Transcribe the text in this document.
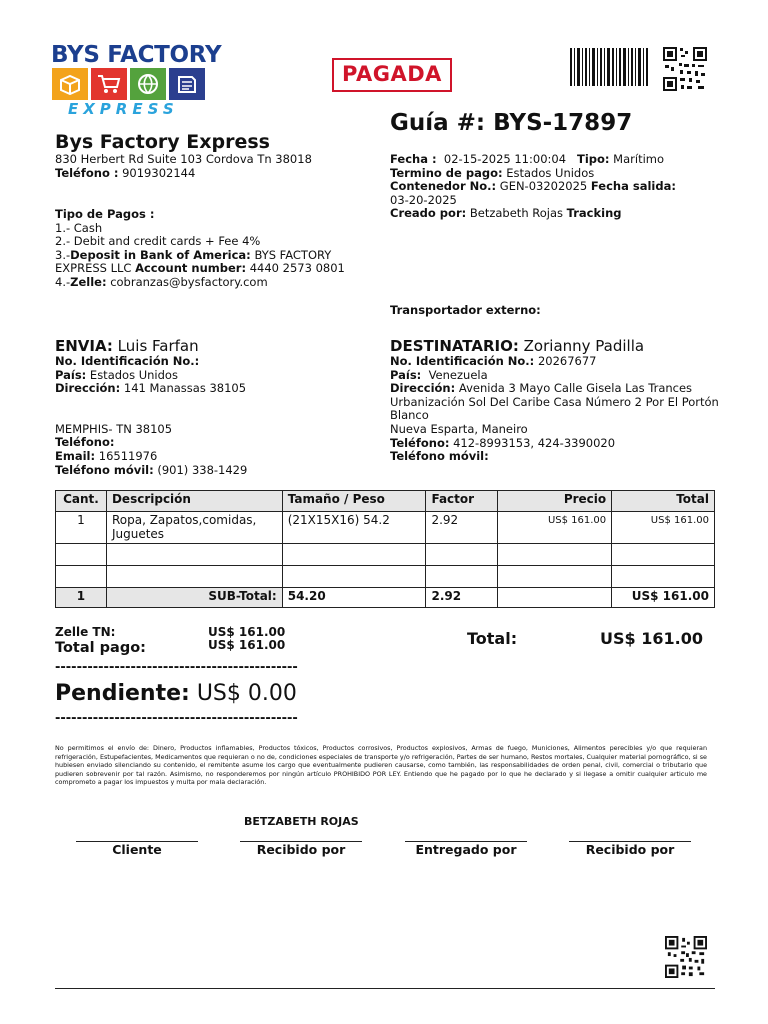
BYS FACTORY
EXPRESS
PAGADA
Guía #: BYS-17897
Bys Factory Express
830 Herbert Rd Suite 103 Cordova Tn 38018
Teléfono : 9019302144
Tipo de Pagos :
1.- Cash
2.- Debit and credit cards + Fee 4%
3.-Deposit in Bank of America: BYS FACTORY
EXPRESS LLC Account number: 4440 2573 0801
4.-Zelle: cobranzas@bysfactory.com
Fecha : 02-15-2025 11:00:04 Tipo: Marítimo
Termino de pago: Estados Unidos
Contenedor No.: GEN-03202025 Fecha salida:
03-20-2025
Creado por: Betzabeth Rojas Tracking
Transportador externo:
ENVIA: Luis Farfan
No. Identificación No.:
País: Estados Unidos
Dirección: 141 Manassas 38105
MEMPHIS- TN 38105
Teléfono:
Email: 16511976
Teléfono móvil: (901) 338-1429
DESTINATARIO: Zorianny Padilla
No. Identificación No.: 20267677
País: Venezuela
Dirección: Avenida 3 Mayo Calle Gisela Las Trances
Urbanización Sol Del Caribe Casa Número 2 Por El Portón
Blanco
Nueva Esparta, Maneiro
Teléfono: 412-8993153, 424-3390020
Teléfono móvil:
Cant.	Descripción	Tamaño / Peso	Factor	Precio	Total
1	Ropa, Zapatos,comidas,
Juguetes	(21X15X16) 54.2	2.92	US$ 161.00	US$ 161.00

1	SUB-Total:	54.20	2.92		US$ 161.00
Zelle TN:	US$ 161.00
Total pago:	US$ 161.00	Total:	US$ 161.00
---------------------------------------------
Pendiente: US$ 0.00
---------------------------------------------
No permitimos el envío de: Dinero, Productos inflamables, Productos tóxicos, Productos corrosivos, Productos explosivos, Armas de fuego, Municiones, Alimentos perecibles y/o que requieran refrigeración, Estupefacientes, Medicamentos que requieran o no de, condiciones especiales de transporte y/o refrigeración, Partes de ser humano, Restos mortales, Cualquier material pornográfico, si se hubiesen enviado silenciando su contenido, el remitente asume los cargo que eventualmente pudieren causarse, como también, las responsabilidades de orden penal, civil, comercial o tributario que pudieren sobrevenir por tal razón. Asimismo, no responderemos por ningún artículo PROHIBIDO POR LEY. Entiendo que he pagado por lo que he declarado y si llegase a omitir cualquier articulo me comprometo a pagar los impuestos y multa por mala declaración.
BETZABETH ROJAS
Cliente	Recibido por	Entregado por	Recibido por
